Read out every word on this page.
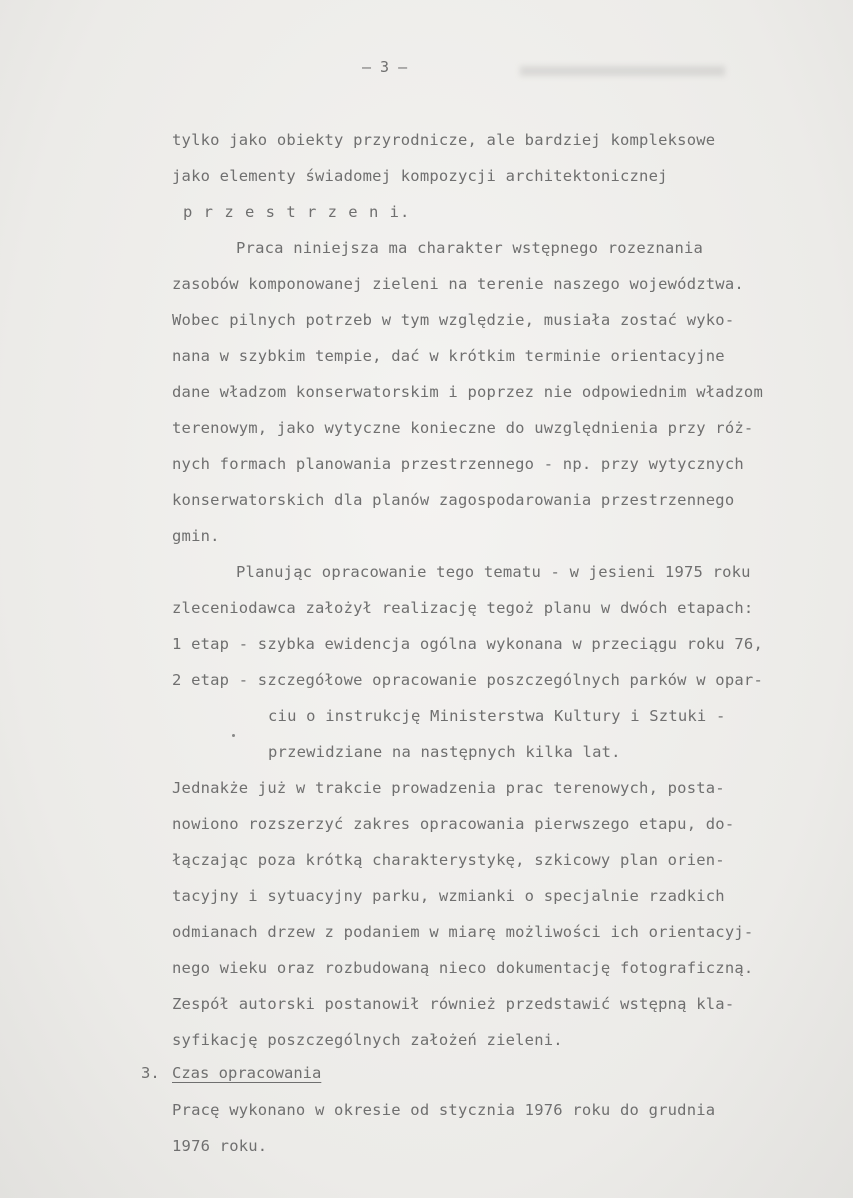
— 3 —
tylko jako obiekty przyrodnicze, ale bardziej kompleksowe
jako elementy świadomej kompozycji architektonicznej
p r z e s t r z e n i.
Praca niniejsza ma charakter wstępnego rozeznania
zasobów komponowanej zieleni na terenie naszego województwa.
Wobec pilnych potrzeb w tym względzie, musiała zostać wyko-
nana w szybkim tempie, dać w krótkim terminie orientacyjne
dane władzom konserwatorskim i poprzez nie odpowiednim władzom
terenowym, jako wytyczne konieczne do uwzględnienia przy róż-
nych formach planowania przestrzennego - np. przy wytycznych
konserwatorskich dla planów zagospodarowania przestrzennego
gmin.
Planując opracowanie tego tematu - w jesieni 1975 roku
zleceniodawca założył realizację tegoż planu w dwóch etapach:
1 etap - szybka ewidencja ogólna wykonana w przeciągu roku 76,
2 etap - szczegółowe opracowanie poszczególnych parków w opar-
ciu o instrukcję Ministerstwa Kultury i Sztuki -
przewidziane na następnych kilka lat.
Jednakże już w trakcie prowadzenia prac terenowych, posta-
nowiono rozszerzyć zakres opracowania pierwszego etapu, do-
łączając poza krótką charakterystykę, szkicowy plan orien-
tacyjny i sytuacyjny parku, wzmianki o specjalnie rzadkich
odmianach drzew z podaniem w miarę możliwości ich orientacyj-
nego wieku oraz rozbudowaną nieco dokumentację fotograficzną.
Zespół autorski postanowił również przedstawić wstępną kla-
syfikację poszczególnych założeń zieleni.
3. Czas opracowania
Pracę wykonano w okresie od stycznia 1976 roku do grudnia
1976 roku.
